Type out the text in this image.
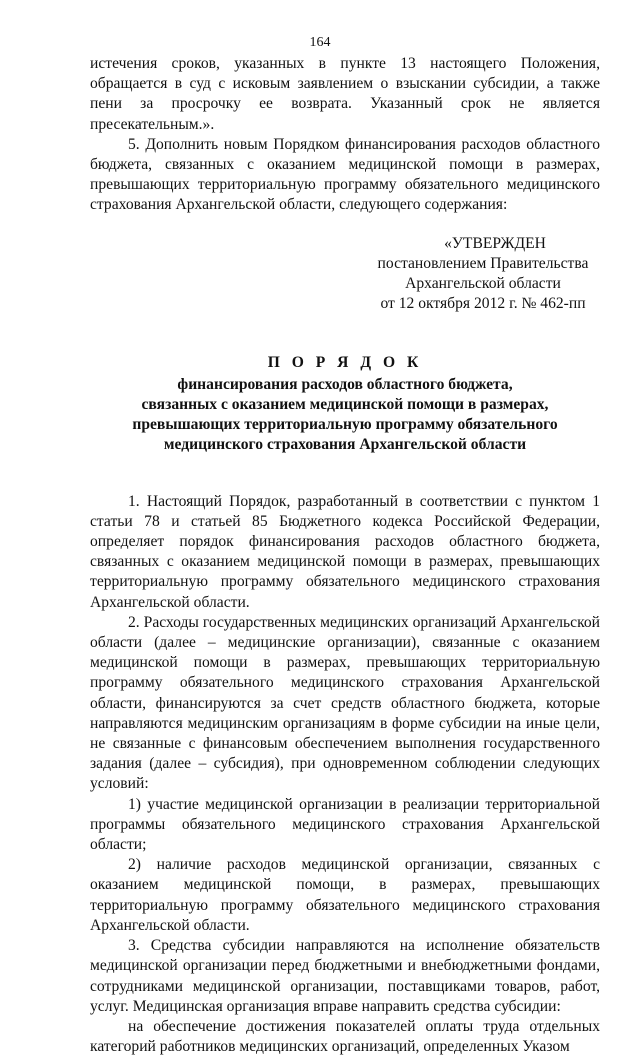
164

истечения сроков, указанных в пункте 13 настоящего Положения, обращается в суд с исковым заявлением о взыскании субсидии, а также пени за просрочку ее возврата. Указанный срок не является пресекательным.».

5. Дополнить новым Порядком финансирования расходов областного бюджета, связанных с оказанием медицинской помощи в размерах, превышающих территориальную программу обязательного медицинского страхования Архангельской области, следующего содержания:

«УТВЕРЖДЕН
постановлением Правительства
Архангельской области
от 12 октября 2012 г. № 462-пп
П О Р Я Д О К
финансирования расходов областного бюджета,
связанных с оказанием медицинской помощи в размерах,
превышающих территориальную программу обязательного
медицинского страхования Архангельской области

1. Настоящий Порядок, разработанный в соответствии с пунктом 1 статьи 78 и статьей 85 Бюджетного кодекса Российской Федерации, определяет порядок финансирования расходов областного бюджета, связанных с оказанием медицинской помощи в размерах, превышающих территориальную программу обязательного медицинского страхования Архангельской области.

2. Расходы государственных медицинских организаций Архангельской области (далее – медицинские организации), связанные с оказанием медицинской помощи в размерах, превышающих территориальную программу обязательного медицинского страхования Архангельской области, финансируются за счет средств областного бюджета, которые направляются медицинским организациям в форме субсидии на иные цели, не связанные с финансовым обеспечением выполнения государственного задания (далее – субсидия), при одновременном соблюдении следующих условий:

1) участие медицинской организации в реализации территориальной программы обязательного медицинского страхования Архангельской области;

2) наличие расходов медицинской организации, связанных с оказанием медицинской помощи, в размерах, превышающих территориальную программу обязательного медицинского страхования Архангельской области.

3. Средства субсидии направляются на исполнение обязательств медицинской организации перед бюджетными и внебюджетными фондами, сотрудниками медицинской организации, поставщиками товаров, работ, услуг. Медицинская организация вправе направить средства субсидии:

на обеспечение достижения показателей оплаты труда отдельных категорий работников медицинских организаций, определенных Указом
